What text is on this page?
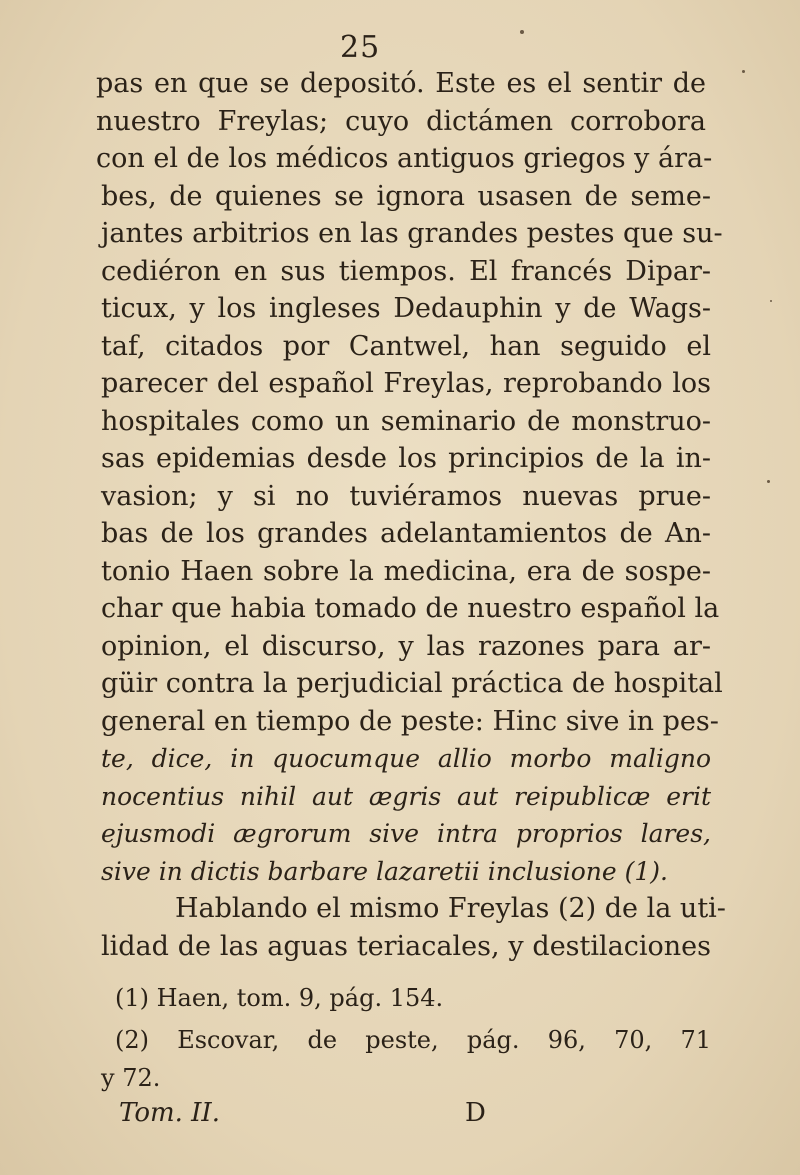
25
pas en que se depositó. Este es el sentir de
nuestro Freylas; cuyo dictámen corrobora
con el de los médicos antiguos griegos y ára-
bes, de quienes se ignora usasen de seme-
jantes arbitrios en las grandes pestes que su-
cediéron en sus tiempos. El francés Dipar-
ticux, y los ingleses Dedauphin y de Wags-
taf, citados por Cantwel, han seguido el
parecer del español Freylas, reprobando los
hospitales como un seminario de monstruo-
sas epidemias desde los principios de la in-
vasion; y si no tuviéramos nuevas prue-
bas de los grandes adelantamientos de An-
tonio Haen sobre la medicina, era de sospe-
char que habia tomado de nuestro español la
opinion, el discurso, y las razones para ar-
güir contra la perjudicial práctica de hospital
general en tiempo de peste: Hinc sive in pes-
te, dice, in quocumque allio morbo maligno
nocentius nihil aut ægris aut reipublicæ erit
ejusmodi ægrorum sive intra proprios lares,
sive in dictis barbare lazaretii inclusione (1).
Hablando el mismo Freylas (2) de la uti-
lidad de las aguas teriacales, y destilaciones
(1) Haen, tom. 9, pág. 154.
(2) Escovar, de peste, pág. 96, 70, 71
y 72.
Tom. II.	D
